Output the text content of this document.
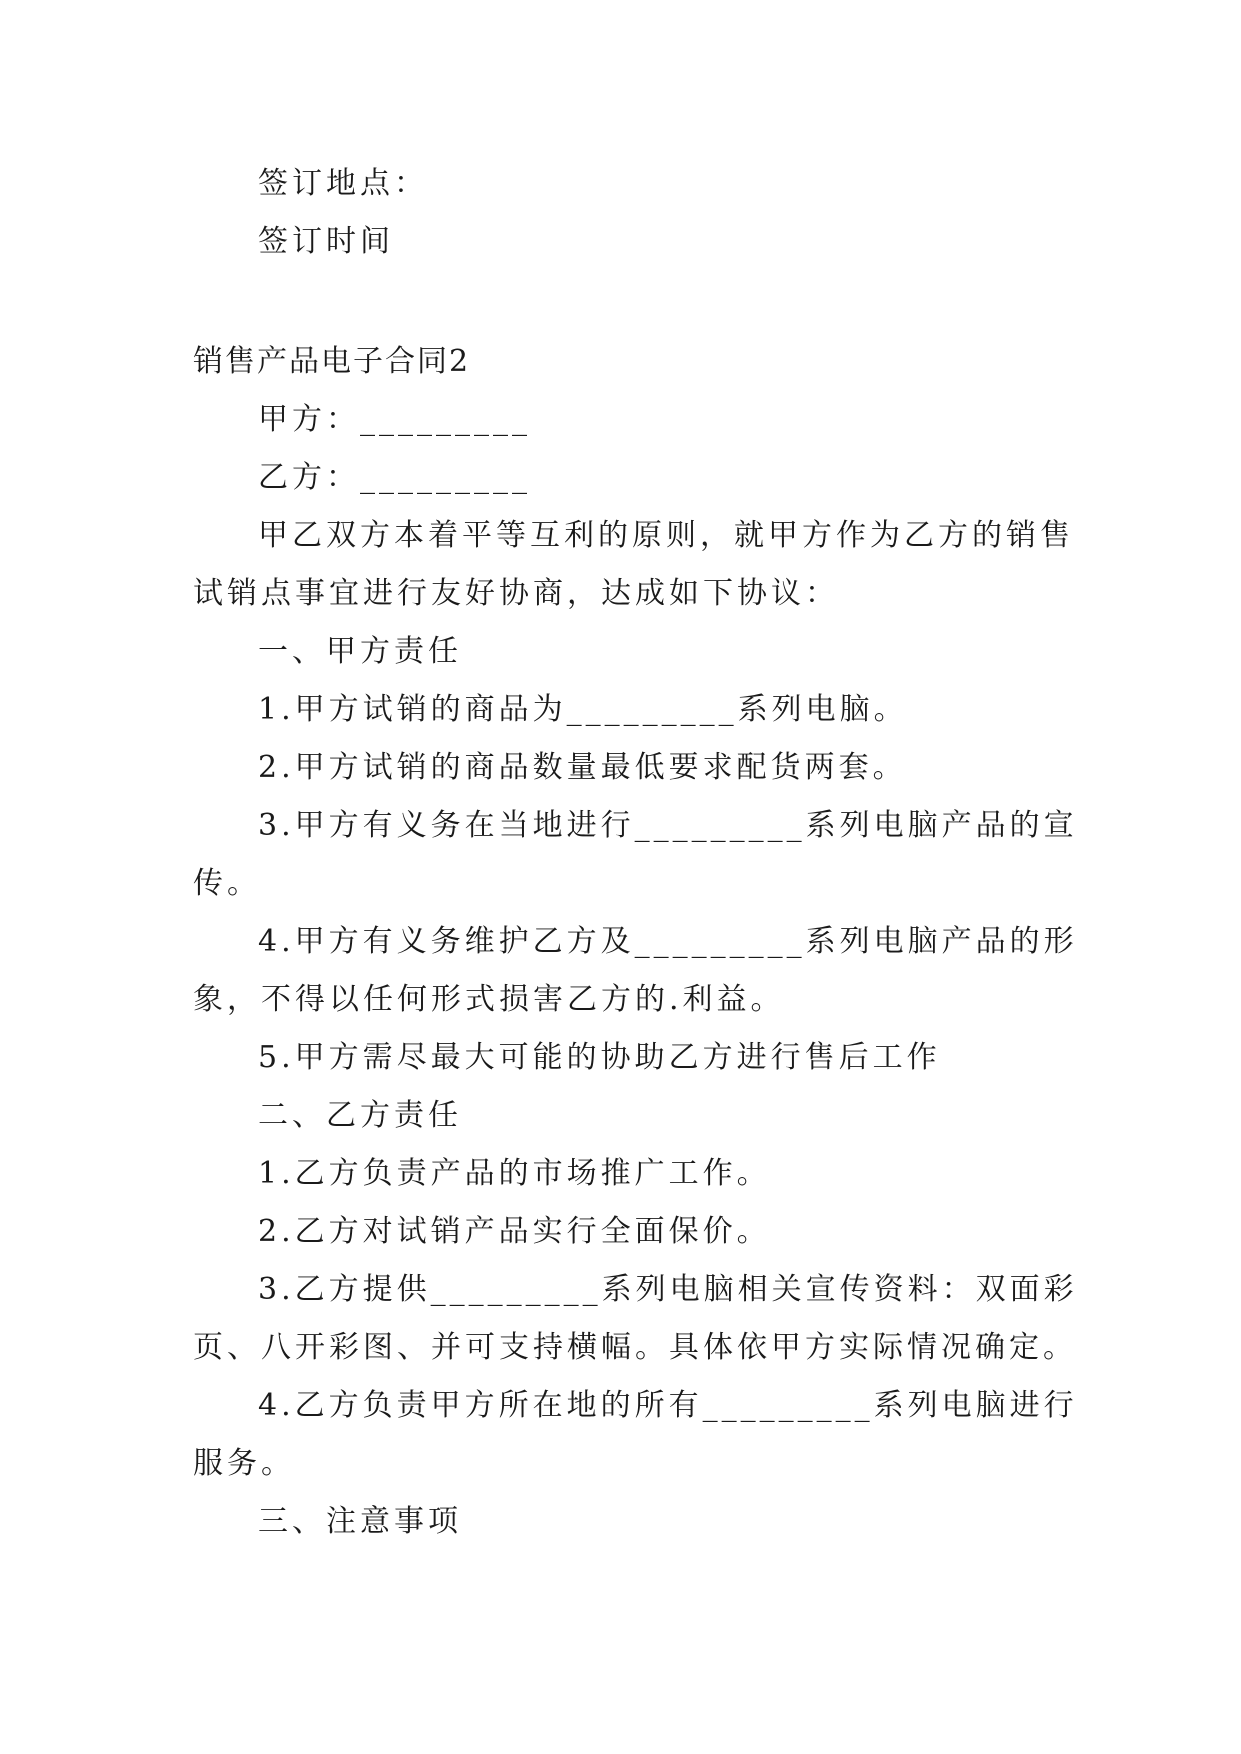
签订地点：
签订时间
销售产品电子合同2
甲方：_________
乙方：_________
甲乙双方本着平等互利的原则，就甲方作为乙方的销售
试销点事宜进行友好协商，达成如下协议：
一、甲方责任
1.甲方试销的商品为_________系列电脑。
2.甲方试销的商品数量最低要求配货两套。
3.甲方有义务在当地进行_________系列电脑产品的宣
传。
4.甲方有义务维护乙方及_________系列电脑产品的形
象，不得以任何形式损害乙方的.利益。
5.甲方需尽最大可能的协助乙方进行售后工作
二、乙方责任
1.乙方负责产品的市场推广工作。
2.乙方对试销产品实行全面保价。
3.乙方提供_________系列电脑相关宣传资料：双面彩
页、八开彩图、并可支持横幅。具体依甲方实际情况确定。
4.乙方负责甲方所在地的所有_________系列电脑进行
服务。
三、注意事项
